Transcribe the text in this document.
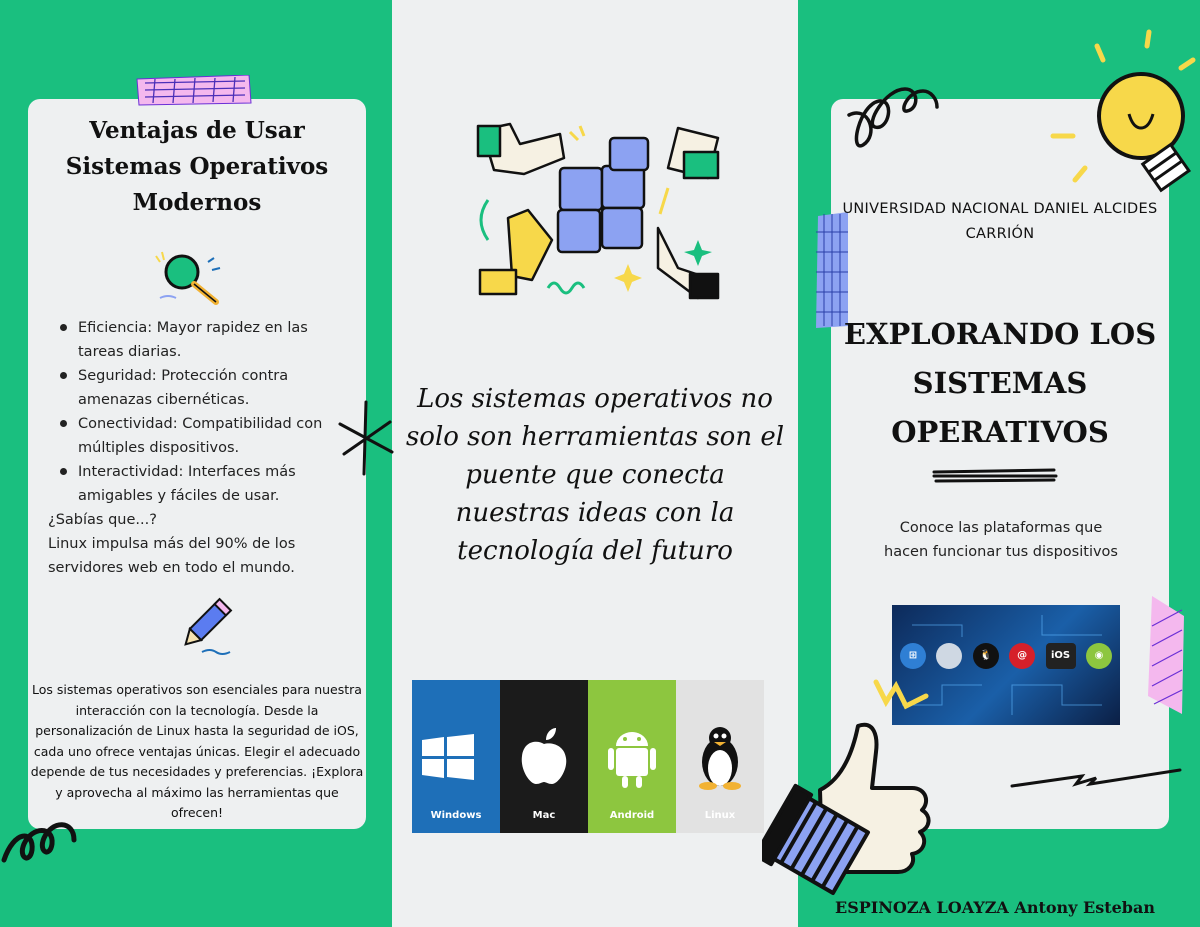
Ventajas de Usar Sistemas Operativos Modernos
Eficiencia: Mayor rapidez en las tareas diarias.
Seguridad: Protección contra amenazas cibernéticas.
Conectividad: Compatibilidad con múltiples dispositivos.
Interactividad: Interfaces más amigables y fáciles de usar.
¿Sabías que...?
Linux impulsa más del 90% de los servidores web en todo el mundo.
Los sistemas operativos son esenciales para nuestra interacción con la tecnología. Desde la personalización de Linux hasta la seguridad de iOS, cada uno ofrece ventajas únicas. Elegir el adecuado depende de tus necesidades y preferencias. ¡Explora y aprovecha al máximo las herramientas que ofrecen!
Los sistemas operativos no solo son herramientas son el puente que conecta nuestras ideas con la tecnología del futuro
Windows	Mac	Android	Linux
UNIVERSIDAD NACIONAL DANIEL ALCIDES CARRIÓN
EXPLORANDO LOS SISTEMAS OPERATIVOS
Conoce las plataformas que hacen funcionar tus dispositivos
⊞	🐧	@	iOS	◉
ESPINOZA LOAYZA Antony Esteban
